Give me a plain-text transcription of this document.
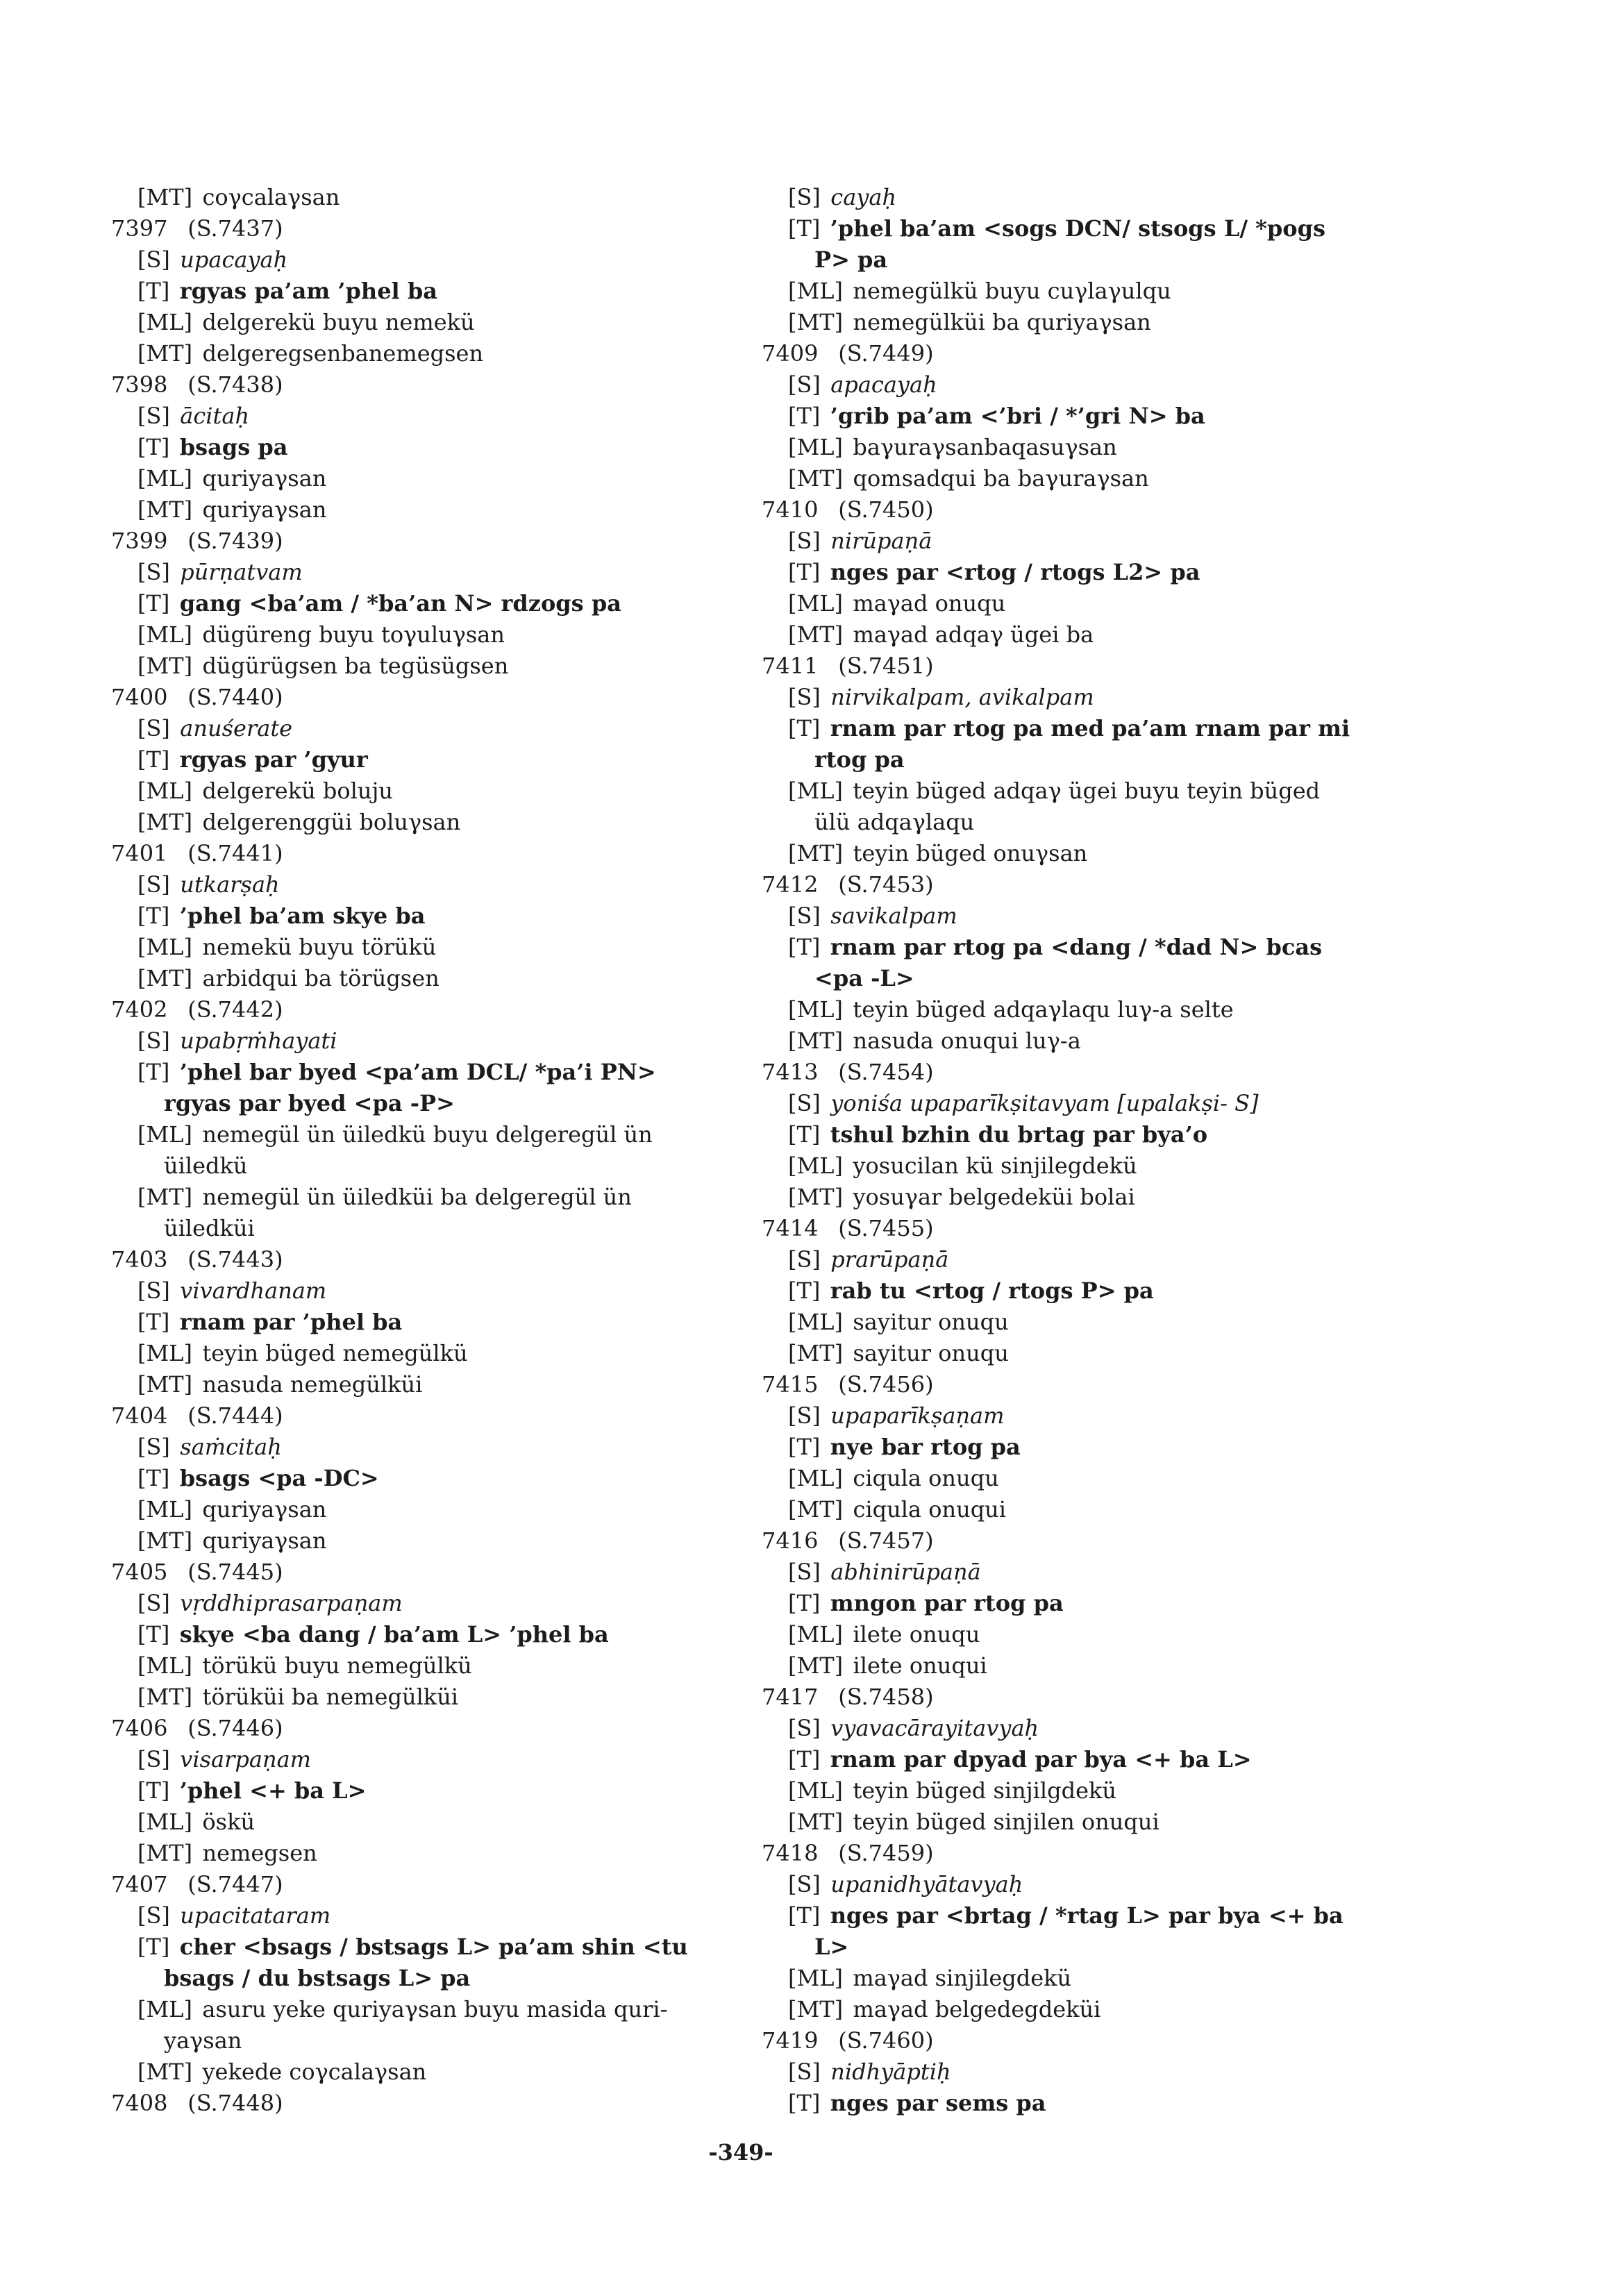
[MT] coγcalaγsan
7397 (S.7437)
[S] upacayaḥ
[T] rgyas pa’am ’phel ba
[ML] delgerekü buyu nemekü
[MT] delgeregsenbanemegsen
7398 (S.7438)
[S] ācitaḥ
[T] bsags pa
[ML] quriyaγsan
[MT] quriyaγsan
7399 (S.7439)
[S] pūrṇatvam
[T] gang <ba’am / *ba’an N> rdzogs pa
[ML] dügüreng buyu toγuluγsan
[MT] dügürügsen ba tegüsügsen
7400 (S.7440)
[S] anuśerate
[T] rgyas par ’gyur
[ML] delgerekü boluju
[MT] delgerenggüi boluγsan
7401 (S.7441)
[S] utkarṣaḥ
[T] ’phel ba’am skye ba
[ML] nemekü buyu törükü
[MT] arbidqui ba törügsen
7402 (S.7442)
[S] upabṛṁhayati
[T] ’phel bar byed <pa’am DCL/ *pa’i PN>
rgyas par byed <pa -P>
[ML] nemegül ün üiledkü buyu delgeregül ün
üiledkü
[MT] nemegül ün üiledküi ba delgeregül ün
üiledküi
7403 (S.7443)
[S] vivardhanam
[T] rnam par ’phel ba
[ML] teyin büged nemegülkü
[MT] nasuda nemegülküi
7404 (S.7444)
[S] saṁcitaḥ
[T] bsags <pa -DC>
[ML] quriyaγsan
[MT] quriyaγsan
7405 (S.7445)
[S] vṛddhiprasarpaṇam
[T] skye <ba dang / ba’am L> ’phel ba
[ML] törükü buyu nemegülkü
[MT] törüküi ba nemegülküi
7406 (S.7446)
[S] visarpaṇam
[T] ’phel <+ ba L>
[ML] öskü
[MT] nemegsen
7407 (S.7447)
[S] upacitataram
[T] cher <bsags / bstsags L> pa’am shin <tu
bsags / du bstsags L> pa
[ML] asuru yeke quriyaγsan buyu masida quri-
yaγsan
[MT] yekede coγcalaγsan
7408 (S.7448)
[S] cayaḥ
[T] ’phel ba’am <sogs DCN/ stsogs L/ *pogs
P> pa
[ML] nemegülkü buyu cuγlaγulqu
[MT] nemegülküi ba quriyaγsan
7409 (S.7449)
[S] apacayaḥ
[T] ’grib pa’am <’bri / *’gri N> ba
[ML] baγuraγsanbaqasuγsan
[MT] qomsadqui ba baγuraγsan
7410 (S.7450)
[S] nirūpaṇā
[T] nges par <rtog / rtogs L2> pa
[ML] maγad onuqu
[MT] maγad adqaγ ügei ba
7411 (S.7451)
[S] nirvikalpam, avikalpam
[T] rnam par rtog pa med pa’am rnam par mi
rtog pa
[ML] teyin büged adqaγ ügei buyu teyin büged
ülü adqaγlaqu
[MT] teyin büged onuγsan
7412 (S.7453)
[S] savikalpam
[T] rnam par rtog pa <dang / *dad N> bcas
<pa -L>
[ML] teyin büged adqaγlaqu luγ-a selte
[MT] nasuda onuqui luγ-a
7413 (S.7454)
[S] yoniśa upaparīkṣitavyam [upalakṣi- S]
[T] tshul bzhin du brtag par bya’o
[ML] yosucilan kü sinjilegdekü
[MT] yosuγar belgedeküi bolai
7414 (S.7455)
[S] prarūpaṇā
[T] rab tu <rtog / rtogs P> pa
[ML] sayitur onuqu
[MT] sayitur onuqu
7415 (S.7456)
[S] upaparīkṣaṇam
[T] nye bar rtog pa
[ML] ciqula onuqu
[MT] ciqula onuqui
7416 (S.7457)
[S] abhinirūpaṇā
[T] mngon par rtog pa
[ML] ilete onuqu
[MT] ilete onuqui
7417 (S.7458)
[S] vyavacārayitavyaḥ
[T] rnam par dpyad par bya <+ ba L>
[ML] teyin büged sinjilgdekü
[MT] teyin büged sinjilen onuqui
7418 (S.7459)
[S] upanidhyātavyaḥ
[T] nges par <brtag / *rtag L> par bya <+ ba
L>
[ML] maγad sinjilegdekü
[MT] maγad belgedegdeküi
7419 (S.7460)
[S] nidhyāptiḥ
[T] nges par sems pa
-349-
